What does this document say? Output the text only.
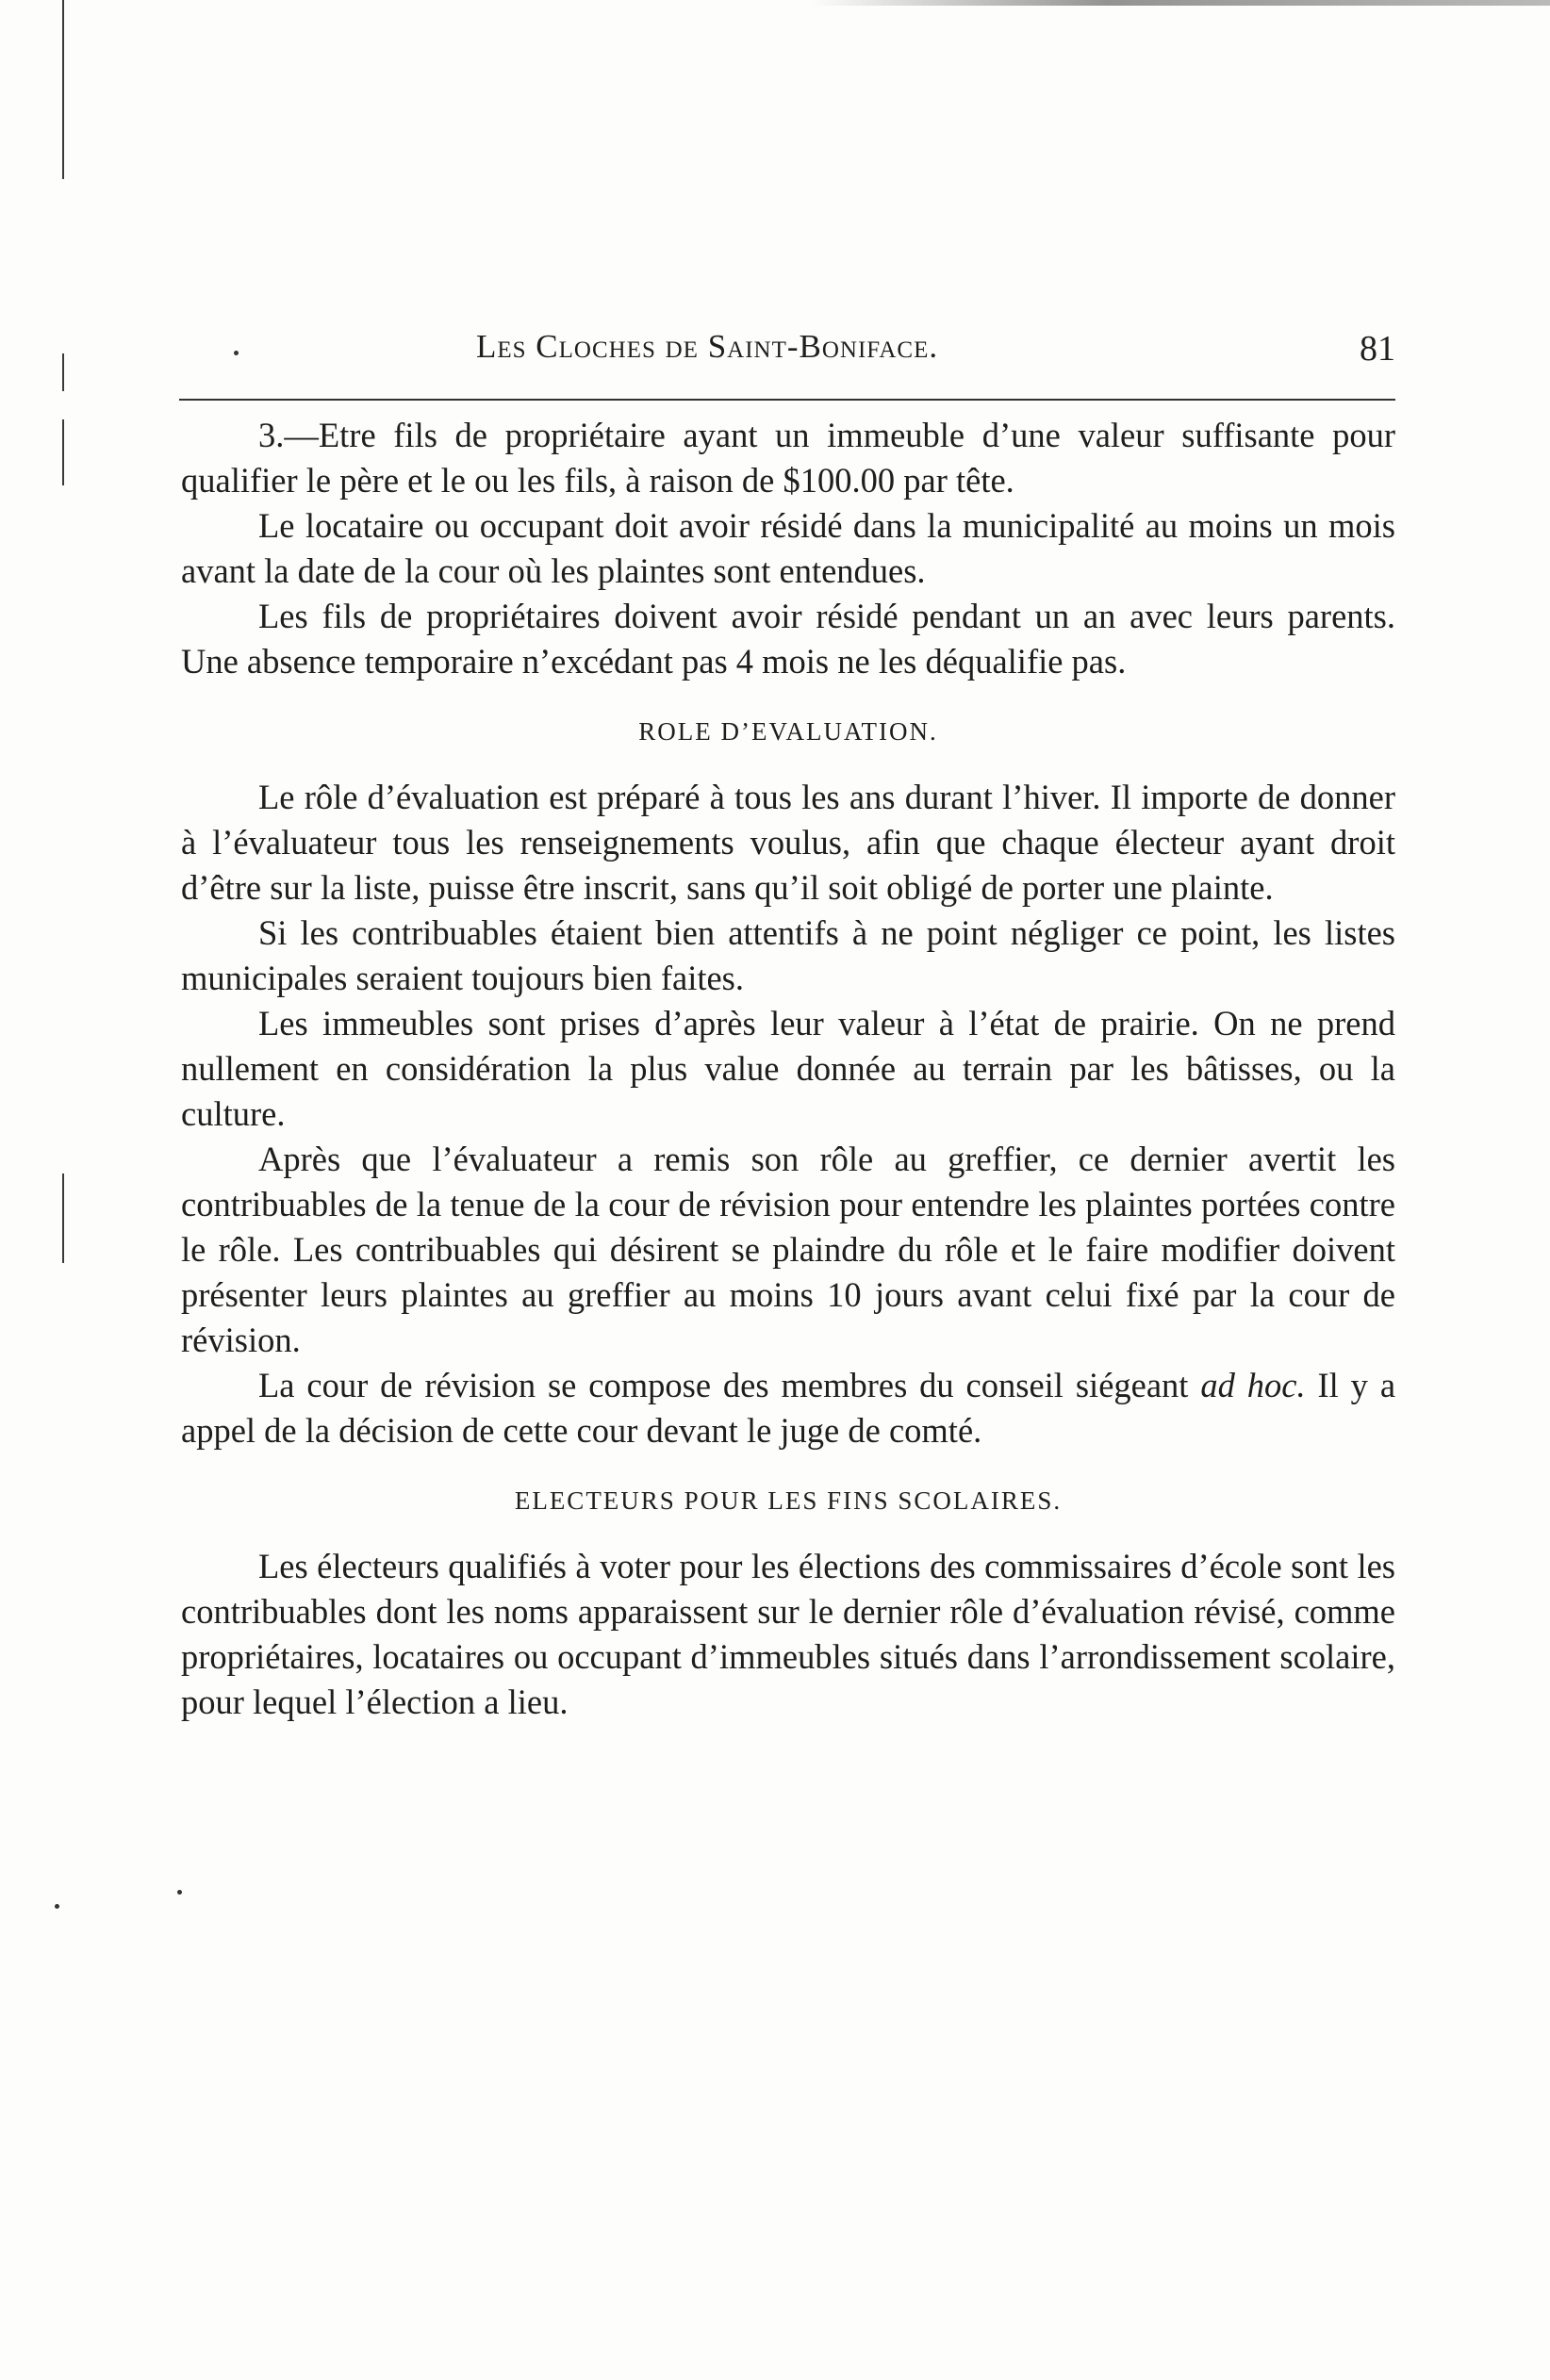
Les Cloches de Saint-Boniface.	81

3.—Etre fils de propriétaire ayant un immeuble d’une valeur suffisante pour qualifier le père et le ou les fils, à raison de $100.00 par tête.

Le locataire ou occupant doit avoir résidé dans la municipalité au moins un mois avant la date de la cour où les plaintes sont entendues.

Les fils de propriétaires doivent avoir résidé pendant un an avec leurs parents. Une absence temporaire n’excédant pas 4 mois ne les déqualifie pas.

ROLE D’EVALUATION.

Le rôle d’évaluation est préparé à tous les ans durant l’hiver. Il importe de donner à l’évaluateur tous les renseignements voulus, afin que chaque électeur ayant droit d’être sur la liste, puisse être inscrit, sans qu’il soit obligé de porter une plainte.

Si les contribuables étaient bien attentifs à ne point négliger ce point, les listes municipales seraient toujours bien faites.

Les immeubles sont prises d’après leur valeur à l’état de prairie. On ne prend nullement en considération la plus value donnée au terrain par les bâtisses, ou la culture.

Après que l’évaluateur a remis son rôle au greffier, ce dernier avertit les contribuables de la tenue de la cour de révision pour entendre les plaintes portées contre le rôle. Les contribuables qui désirent se plaindre du rôle et le faire modifier doivent présenter leurs plaintes au greffier au moins 10 jours avant celui fixé par la cour de révision.

La cour de révision se compose des membres du conseil siégeant ad hoc. Il y a appel de la décision de cette cour devant le juge de comté.

ELECTEURS POUR LES FINS SCOLAIRES.

Les électeurs qualifiés à voter pour les élections des commissaires d’école sont les contribuables dont les noms apparaissent sur le dernier rôle d’évaluation révisé, comme propriétaires, locataires ou occupant d’immeubles situés dans l’arrondissement scolaire, pour lequel l’élection a lieu.
